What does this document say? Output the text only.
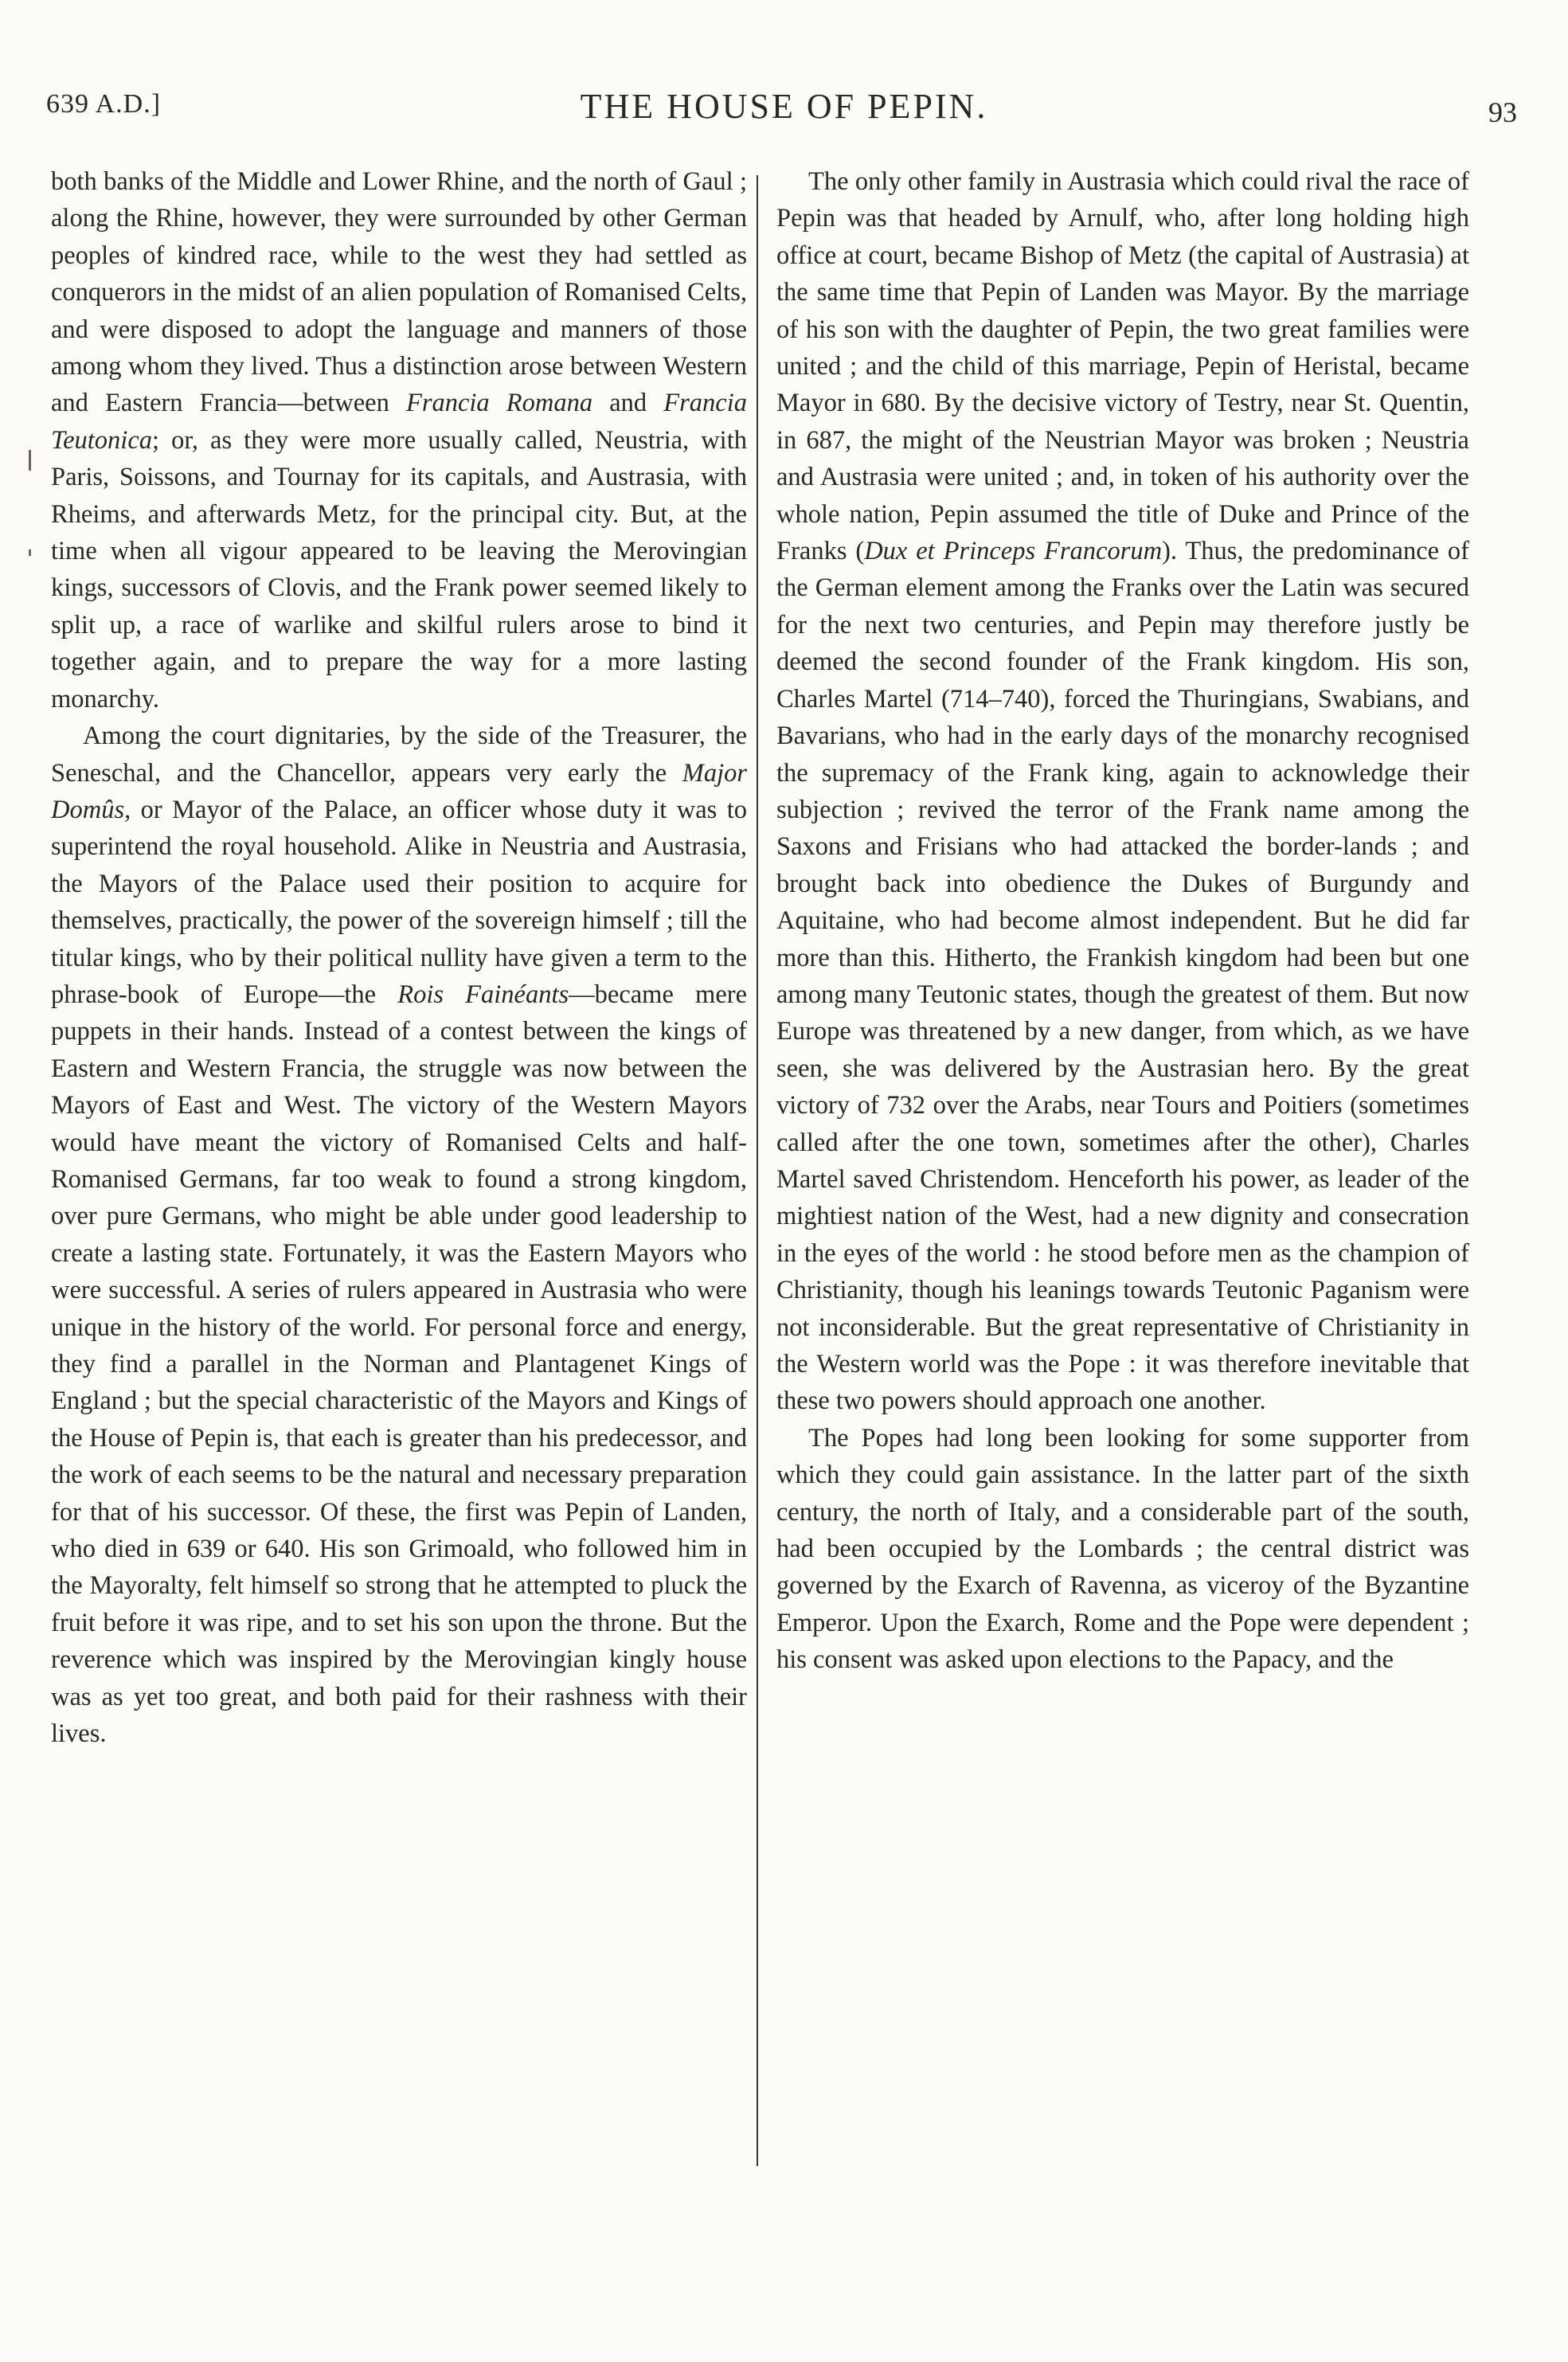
639 A.D.]	THE HOUSE OF PEPIN.	93

both banks of the Middle and Lower Rhine, and the north of Gaul ; along the Rhine, however, they were surrounded by other German peoples of kindred race, while to the west they had settled as conquerors in the midst of an alien population of Romanised Celts, and were disposed to adopt the language and manners of those among whom they lived. Thus a distinction arose between Western and Eastern Francia—between Francia Romana and Francia Teutonica; or, as they were more usually called, Neustria, with Paris, Soissons, and Tournay for its capitals, and Austrasia, with Rheims, and afterwards Metz, for the principal city. But, at the time when all vigour appeared to be leaving the Merovingian kings, successors of Clovis, and the Frank power seemed likely to split up, a race of warlike and skilful rulers arose to bind it together again, and to prepare the way for a more lasting monarchy.

Among the court dignitaries, by the side of the Treasurer, the Seneschal, and the Chancellor, appears very early the Major Domûs, or Mayor of the Palace, an officer whose duty it was to superintend the royal household. Alike in Neustria and Austrasia, the Mayors of the Palace used their position to acquire for themselves, practically, the power of the sovereign himself ; till the titular kings, who by their political nullity have given a term to the phrase-book of Europe—the Rois Fainéants—became mere puppets in their hands. Instead of a contest between the kings of Eastern and Western Francia, the struggle was now between the Mayors of East and West. The victory of the Western Mayors would have meant the victory of Romanised Celts and half-Romanised Germans, far too weak to found a strong kingdom, over pure Germans, who might be able under good leadership to create a lasting state. Fortunately, it was the Eastern Mayors who were successful. A series of rulers appeared in Austrasia who were unique in the history of the world. For personal force and energy, they find a parallel in the Norman and Plantagenet Kings of England ; but the special characteristic of the Mayors and Kings of the House of Pepin is, that each is greater than his predecessor, and the work of each seems to be the natural and necessary preparation for that of his successor. Of these, the first was Pepin of Landen, who died in 639 or 640. His son Grimoald, who followed him in the Mayoralty, felt himself so strong that he attempted to pluck the fruit before it was ripe, and to set his son upon the throne. But the reverence which was inspired by the Merovingian kingly house was as yet too great, and both paid for their rashness with their lives.

The only other family in Austrasia which could rival the race of Pepin was that headed by Arnulf, who, after long holding high office at court, became Bishop of Metz (the capital of Austrasia) at the same time that Pepin of Landen was Mayor. By the marriage of his son with the daughter of Pepin, the two great families were united ; and the child of this marriage, Pepin of Heristal, became Mayor in 680. By the decisive victory of Testry, near St. Quentin, in 687, the might of the Neustrian Mayor was broken ; Neustria and Austrasia were united ; and, in token of his authority over the whole nation, Pepin assumed the title of Duke and Prince of the Franks (Dux et Princeps Francorum). Thus, the predominance of the German element among the Franks over the Latin was secured for the next two centuries, and Pepin may therefore justly be deemed the second founder of the Frank kingdom. His son, Charles Martel (714–740), forced the Thuringians, Swabians, and Bavarians, who had in the early days of the monarchy recognised the supremacy of the Frank king, again to acknowledge their subjection ; revived the terror of the Frank name among the Saxons and Frisians who had attacked the border-lands ; and brought back into obedience the Dukes of Burgundy and Aquitaine, who had become almost independent. But he did far more than this. Hitherto, the Frankish kingdom had been but one among many Teutonic states, though the greatest of them. But now Europe was threatened by a new danger, from which, as we have seen, she was delivered by the Austrasian hero. By the great victory of 732 over the Arabs, near Tours and Poitiers (sometimes called after the one town, sometimes after the other), Charles Martel saved Christendom. Henceforth his power, as leader of the mightiest nation of the West, had a new dignity and consecration in the eyes of the world : he stood before men as the champion of Christianity, though his leanings towards Teutonic Paganism were not inconsiderable. But the great representative of Christianity in the Western world was the Pope : it was therefore inevitable that these two powers should approach one another.

The Popes had long been looking for some supporter from which they could gain assistance. In the latter part of the sixth century, the north of Italy, and a considerable part of the south, had been occupied by the Lombards ; the central district was governed by the Exarch of Ravenna, as viceroy of the Byzantine Emperor. Upon the Exarch, Rome and the Pope were dependent ; his consent was asked upon elections to the Papacy, and the
